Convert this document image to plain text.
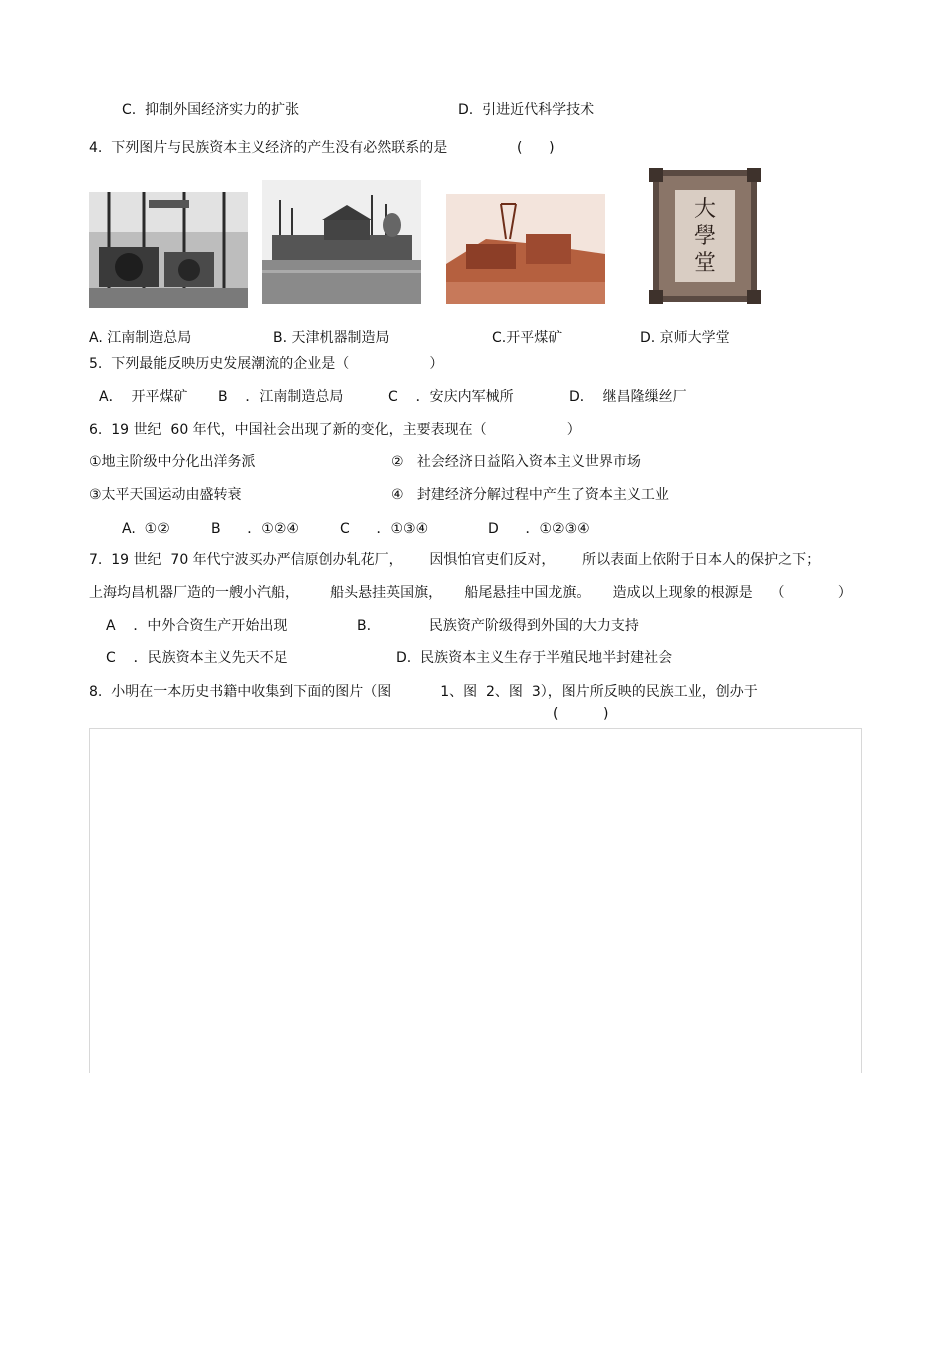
C.  抑制外国经济实力的扩张	D.  引进近代科学技术
4.  下列图片与民族资本主义经济的产生没有必然联系的是	(      )
大學堂
A. 江南制造总局	B. 天津机器制造局	C.开平煤矿	D. 京师大学堂
5.  下列最能反映历史发展潮流的企业是（                  ）
A．  开平煤矿 B    ．江南制造总局	C    ．安庆内军械所	D．  继昌隆缫丝厂
6.  19 世纪  60 年代，中国社会出现了新的变化，主要表现在（                  ）
①地主阶级中分化出洋务派	②   社会经济日益陷入资本主义世界市场
③太平天国运动由盛转衰	④   封建经济分解过程中产生了资本主义工业
A.  ①②	B      ．①②④	C      ．①③④	D      ．①②③④
7.  19 世纪  70 年代宁波买办严信原创办轧花厂，      因惧怕官吏们反对，      所以表面上依附于日本人的保护之下；
上海均昌机器厂造的一艘小汽船，       船头悬挂英国旗，     船尾悬挂中国龙旗。     造成以上现象的根源是    （            ）
A    ．中外合资生产开始出现	B.             民族资产阶级得到外国的大力支持
C    ．民族资本主义先天不足	D.  民族资本主义生存于半殖民地半封建社会
8.  小明在一本历史书籍中收集到下面的图片（图           1、图  2、图  3），图片所反映的民族工业，创办于
(          )
